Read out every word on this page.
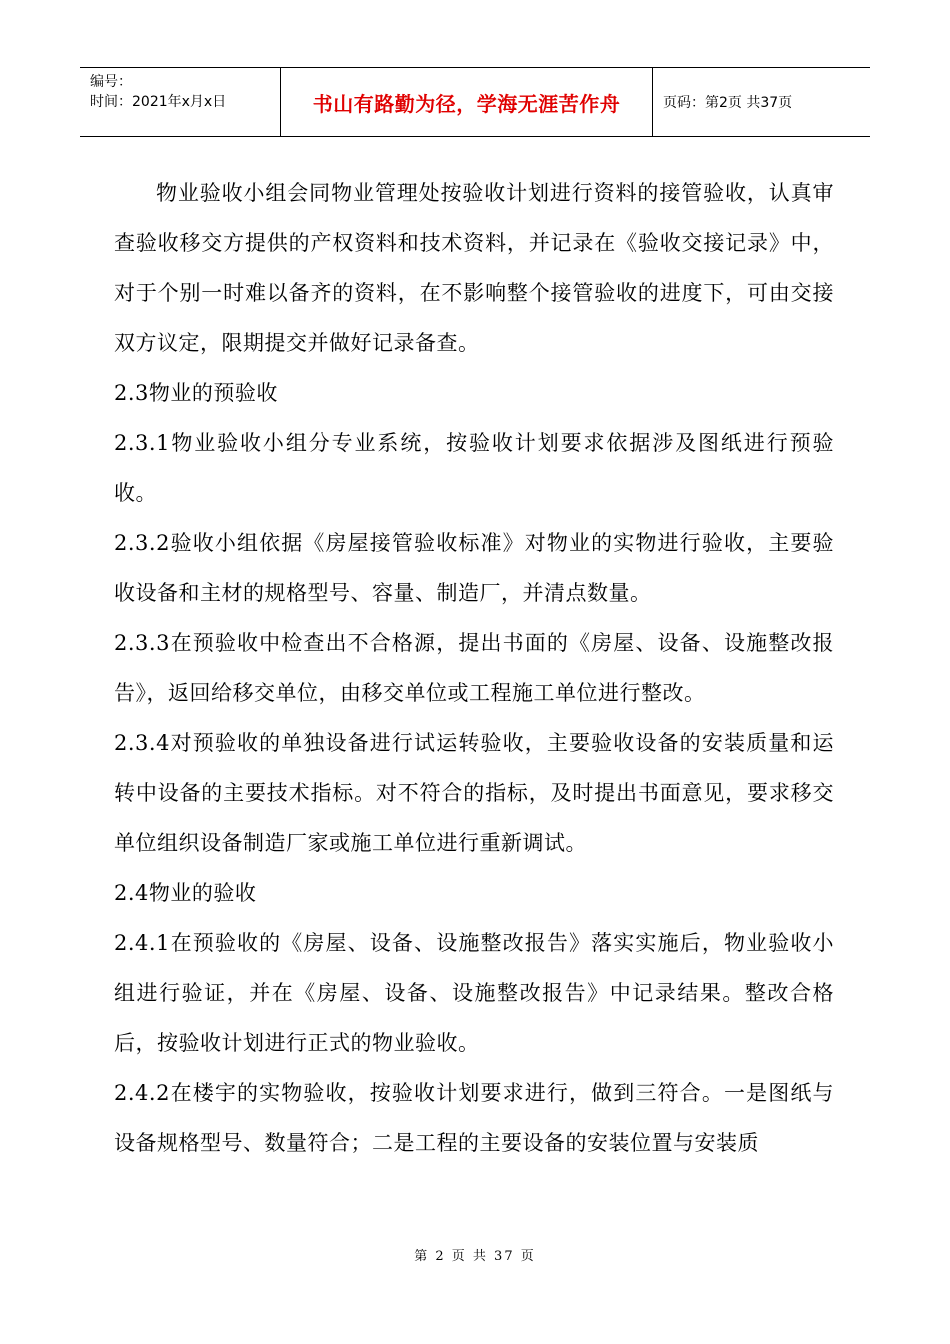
编号：
时间：2021年x月x日	书山有路勤为径，学海无涯苦作舟	页码：第2页 共37页

物业验收小组会同物业管理处按验收计划进行资料的接管验收，认真审查验收移交方提供的产权资料和技术资料，并记录在《验收交接记录》中，对于个别一时难以备齐的资料，在不影响整个接管验收的进度下，可由交接双方议定，限期提交并做好记录备查。

2.3物业的预验收

2.3.1物业验收小组分专业系统，按验收计划要求依据涉及图纸进行预验收。

2.3.2验收小组依据《房屋接管验收标准》对物业的实物进行验收，主要验收设备和主材的规格型号、容量、制造厂，并清点数量。

2.3.3在预验收中检查出不合格源，提出书面的《房屋、设备、设施整改报告》，返回给移交单位，由移交单位或工程施工单位进行整改。

2.3.4对预验收的单独设备进行试运转验收，主要验收设备的安装质量和运转中设备的主要技术指标。对不符合的指标，及时提出书面意见，要求移交单位组织设备制造厂家或施工单位进行重新调试。

2.4物业的验收

2.4.1在预验收的《房屋、设备、设施整改报告》落实实施后，物业验收小组进行验证，并在《房屋、设备、设施整改报告》中记录结果。整改合格后，按验收计划进行正式的物业验收。

2.4.2在楼宇的实物验收，按验收计划要求进行，做到三符合。一是图纸与设备规格型号、数量符合；二是工程的主要设备的安装位置与安装质

第 2 页 共 37 页
